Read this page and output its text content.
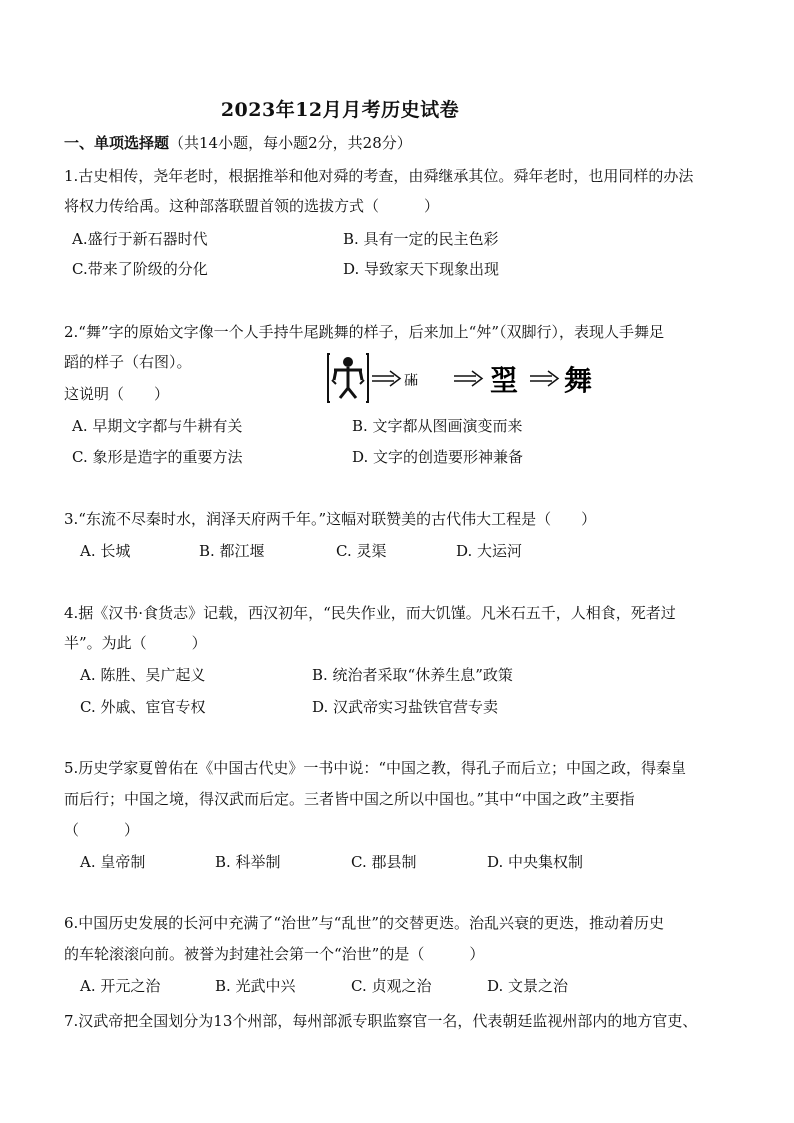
2023年12月月考历史试卷
一、单项选择题（共14小题，每小题2分，共28分）
1.古史相传，尧年老时，根据推举和他对舜的考查，由舜继承其位。舜年老时，也用同样的办法
将权力传给禹。这种部落联盟首领的选拔方式（　　　）
A.盛行于新石器时代	B. 具有一定的民主色彩
C.带来了阶级的分化	D. 导致家天下现象出现
2.“舞”字的原始文字像一个人手持牛尾跳舞的样子，后来加上“舛”（双脚行），表现人手舞足
蹈的样子（右图）。
这说明（　　）
𣗁	䍿 舞
A. 早期文字都与牛耕有关	B. 文字都从图画演变而来
C. 象形是造字的重要方法	D. 文字的创造要形神兼备
3.“东流不尽秦时水，润泽天府两千年。”这幅对联赞美的古代伟大工程是（　　）
A. 长城	B. 都江堰	C. 灵渠	D. 大运河
4.据《汉书·食货志》记载，西汉初年，“民失作业，而大饥馑。凡米石五千，人相食，死者过
半”。为此（　　　）
A. 陈胜、吴广起义	B. 统治者采取“休养生息”政策
C. 外戚、宦官专权	D. 汉武帝实习盐铁官营专卖
5.历史学家夏曾佑在《中国古代史》一书中说：“中国之教，得孔子而后立；中国之政，得秦皇
而后行；中国之境，得汉武而后定。三者皆中国之所以中国也。”其中“中国之政”主要指
（　　　）
A. 皇帝制	B. 科举制	C. 郡县制	D. 中央集权制
6.中国历史发展的长河中充满了“治世”与“乱世”的交替更迭。治乱兴衰的更迭，推动着历史
的车轮滚滚向前。被誉为封建社会第一个“治世”的是（　　　）
A. 开元之治	B. 光武中兴	C. 贞观之治	D. 文景之治
7.汉武帝把全国划分为13个州部，每州部派专职监察官一名，代表朝廷监视州部内的地方官吏、
